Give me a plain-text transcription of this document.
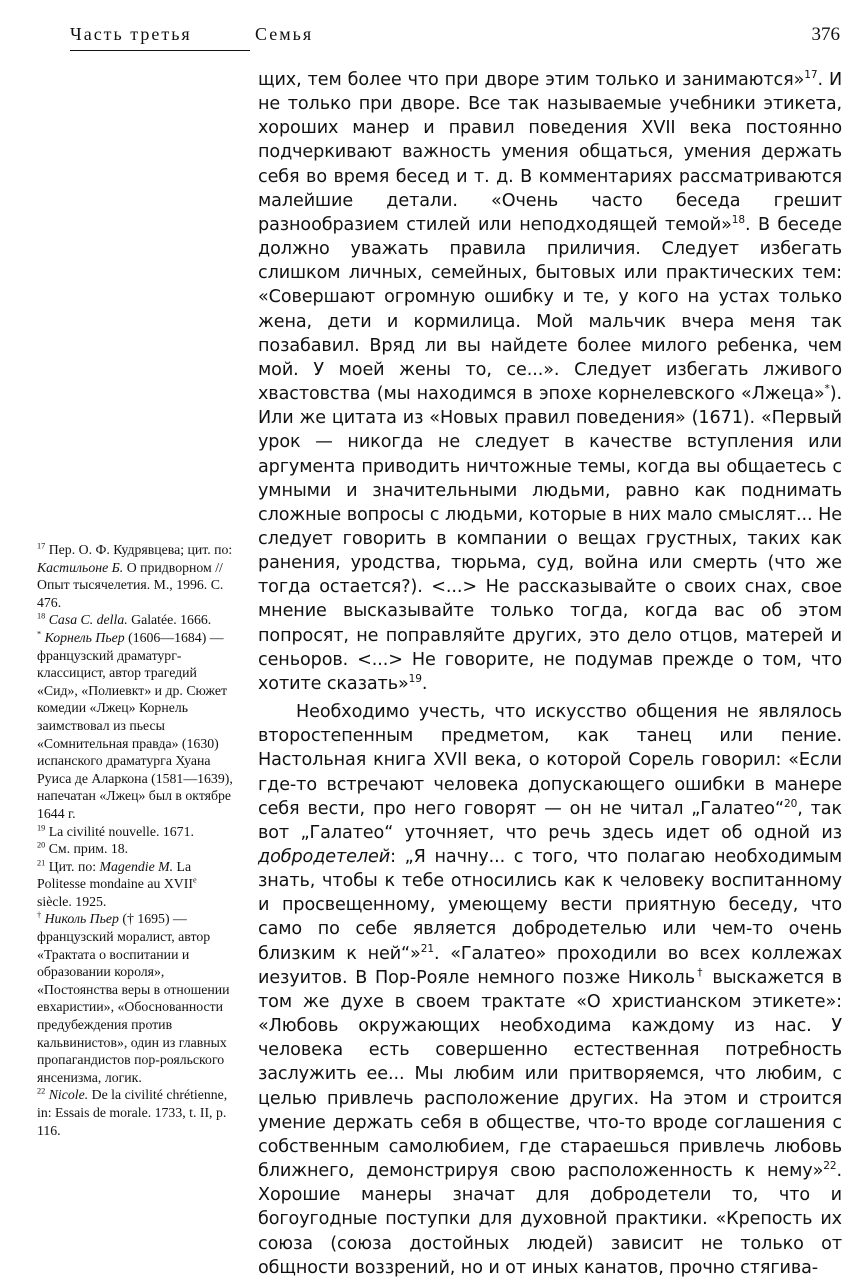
Часть третья	Семья	376

щих, тем более что при дворе этим только и занимаются»$^{17}$. И не только при дворе. Все так называемые учебники этикета, хороших манер и правил поведения XVII века постоянно подчеркивают важность умения общаться, умения держать себя во время бесед и т. д. В комментариях рассматриваются малейшие детали. «Очень часто беседа грешит разнообразием стилей или неподходящей темой»$^{18}$. В беседе должно уважать правила приличия. Следует избегать слишком личных, семейных, бытовых или практических тем: «Совершают огромную ошибку и те, у кого на устах только жена, дети и кормилица. Мой мальчик вчера меня так позабавил. Вряд ли вы найдете более милого ребенка, чем мой. У моей жены то, се...». Следует избегать лживого хвастовства (мы находимся в эпохе корнелевского «Лжеца»*). Или же цитата из «Новых правил поведения» (1671). «Первый урок — никогда не следует в качестве вступления или аргумента приводить ничтожные темы, когда вы общаетесь с умными и значительными людьми, равно как поднимать сложные вопросы с людьми, которые в них мало смыслят... Не следует говорить в компании о вещах грустных, таких как ранения, уродства, тюрьма, суд, война или смерть (что же тогда остается?). <...> Не рассказывайте о своих снах, свое мнение высказывайте только тогда, когда вас об этом попросят, не поправляйте других, это дело отцов, матерей и сеньоров. <...> Не говорите, не подумав прежде о том, что хотите сказать»$^{19}$.

Необходимо учесть, что искусство общения не являлось второстепенным предметом, как танец или пение. Настольная книга XVII века, о которой Сорель говорил: «Если где-то встречают человека допускающего ошибки в манере себя вести, про него говорят — он не читал „Галатео“$^{20}$, так вот „Галатео“ уточняет, что речь здесь идет об одной из добродетелей: „Я начну... с того, что полагаю необходимым знать, чтобы к тебе относились как к человеку воспитанному и просвещенному, умеющему вести приятную беседу, что само по себе является добродетелью или чем-то очень близким к ней“»$^{21}$. «Галатео» проходили во всех коллежах иезуитов. В Пор-Рояле немного позже Николь† выскажется в том же духе в своем трактате «О христианском этикете»: «Любовь окружающих необходима каждому из нас. У человека есть совершенно естественная потребность заслужить ее... Мы любим или притворяемся, что любим, с целью привлечь расположение других. На этом и строится умение держать себя в обществе, что-то вроде соглашения с собственным самолюбием, где стараешься привлечь любовь ближнего, демонстрируя свою расположенность к нему»$^{22}$. Хорошие манеры значат для добродетели то, что и богоугодные поступки для духовной практики. «Крепость их союза (союза достойных людей) зависит не только от общности воззрений, но и от иных канатов, прочно стягива-

$^{17}$ Пер. О. Ф. Кудрявцева; цит. по: Кастильоне Б. О придворном // Опыт тысячелетия. М., 1996. С. 476.

$^{18}$ Casa C. della. Galatée. 1666.

* Корнель Пьер (1606—1684) — французский драматург-классицист, автор трагедий «Сид», «Полиевкт» и др. Сюжет комедии «Лжец» Корнель заимствовал из пьесы «Сомнительная правда» (1630) испанского драматурга Хуана Руиса де Аларкона (1581—1639), напечатан «Лжец» был в октябре 1644 г.

$^{19}$ La civilité nouvelle. 1671.

$^{20}$ См. прим. 18.

$^{21}$ Цит. по: Magendie M. La Politesse mondaine au XVIIe siècle. 1925.

† Николь Пьер († 1695) — французский моралист, автор «Трактата о воспитании и образовании короля», «Постоянства веры в отношении евхаристии», «Обоснованности предубеждения против кальвинистов», один из главных пропагандистов пор-рояльского янсенизма, логик.

$^{22}$ Nicole. De la civilité chrétienne, in: Essais de morale. 1733, t. II, p. 116.
